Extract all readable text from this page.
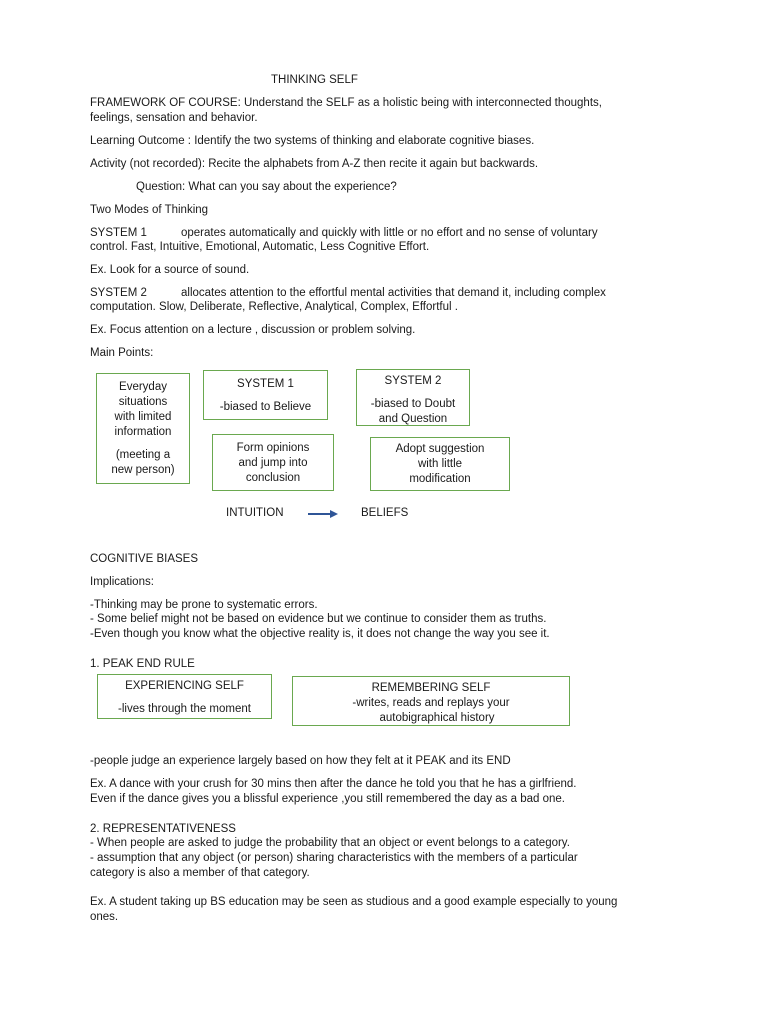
THINKING SELF
FRAMEWORK OF COURSE: Understand the SELF as a holistic being with interconnected thoughts,
feelings, sensation and behavior.
Learning Outcome : Identify the two systems of thinking and elaborate cognitive biases.
Activity (not recorded): Recite the alphabets from A-Z then recite it again but backwards.
Question: What can you say about the experience?
Two Modes of Thinking
SYSTEM 1	operates automatically and quickly with little or no effort and no sense of voluntary
control. Fast, Intuitive, Emotional, Automatic, Less Cognitive Effort.
Ex. Look for a source of sound.
SYSTEM 2	allocates attention to the effortful mental activities that demand it, including complex
computation. Slow, Deliberate, Reflective, Analytical, Complex, Effortful .
Ex. Focus attention on a lecture , discussion or problem solving.
Main Points:
Everyday
situations
with limited
information
(meeting a
new person)
SYSTEM 1
-biased to Believe
SYSTEM 2
-biased to Doubt
and Question
Form opinions
and jump into
conclusion
Adopt suggestion
with little
modification
INTUITION	BELIEFS
COGNITIVE BIASES
Implications:
-Thinking may be prone to systematic errors.
- Some belief might not be based on evidence but we continue to consider them as truths.
-Even though you know what the objective reality is, it does not change the way you see it.
1. PEAK END RULE
EXPERIENCING SELF
-lives through the moment
REMEMBERING SELF
-writes, reads and replays your
autobigraphical history
-people judge an experience largely based on how they felt at it PEAK and its END
Ex. A dance with your crush for 30 mins then after the dance he told you that he has a girlfriend.
Even if the dance gives you a blissful experience ,you still remembered the day as a bad one.
2. REPRESENTATIVENESS
- When people are asked to judge the probability that an object or event belongs to a category.
- assumption that any object (or person) sharing characteristics with the members of a particular
category is also a member of that category.
Ex. A student taking up BS education may be seen as studious and a good example especially to young
ones.
